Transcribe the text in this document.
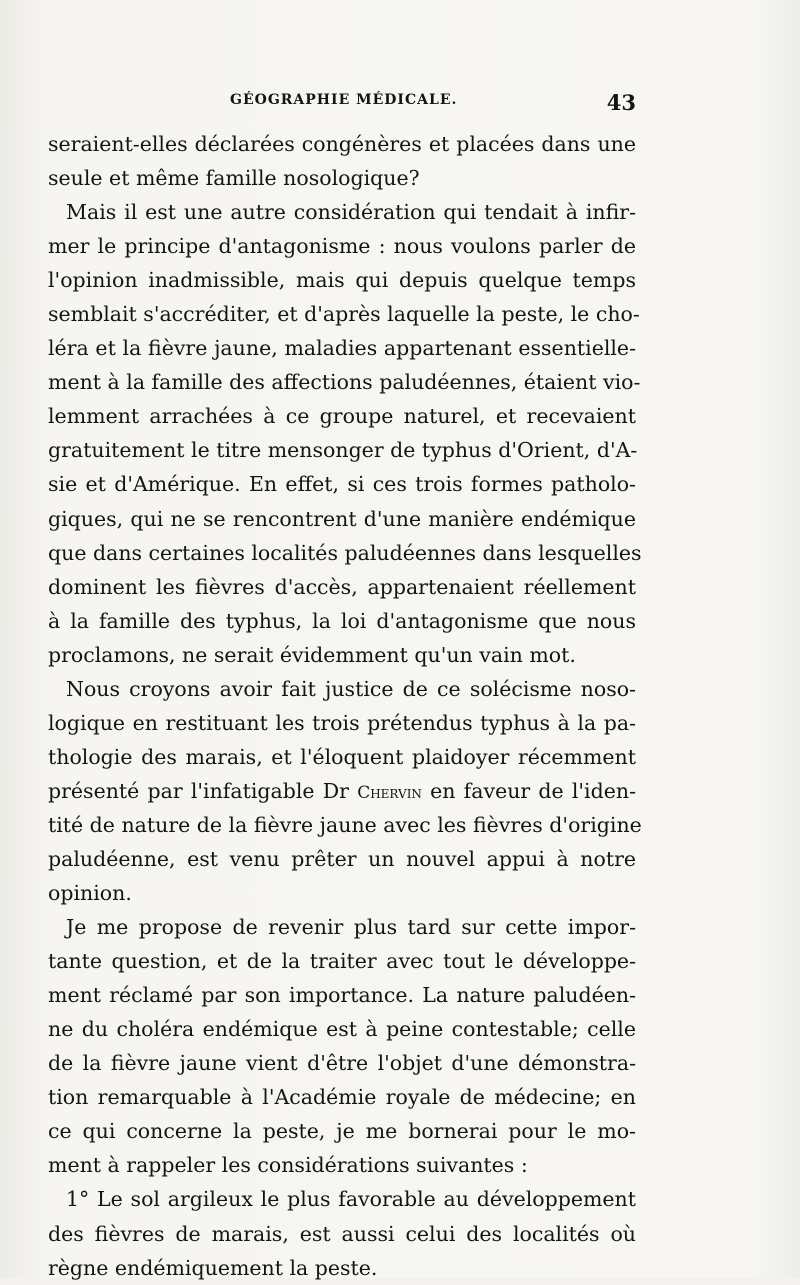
GÉOGRAPHIE MÉDICALE.	43
seraient-elles déclarées congénères et placées dans une
seule et même famille nosologique?
Mais il est une autre considération qui tendait à infir-
mer le principe d'antagonisme : nous voulons parler de
l'opinion inadmissible, mais qui depuis quelque temps
semblait s'accréditer, et d'après laquelle la peste, le cho-
léra et la fièvre jaune, maladies appartenant essentielle-
ment à la famille des affections paludéennes, étaient vio-
lemment arrachées à ce groupe naturel, et recevaient
gratuitement le titre mensonger de typhus d'Orient, d'A-
sie et d'Amérique. En effet, si ces trois formes patholo-
giques, qui ne se rencontrent d'une manière endémique
que dans certaines localités paludéennes dans lesquelles
dominent les fièvres d'accès, appartenaient réellement
à la famille des typhus, la loi d'antagonisme que nous
proclamons, ne serait évidemment qu'un vain mot.
Nous croyons avoir fait justice de ce solécisme noso-
logique en restituant les trois prétendus typhus à la pa-
thologie des marais, et l'éloquent plaidoyer récemment
présenté par l'infatigable Dr Chervin en faveur de l'iden-
tité de nature de la fièvre jaune avec les fièvres d'origine
paludéenne, est venu prêter un nouvel appui à notre
opinion.
Je me propose de revenir plus tard sur cette impor-
tante question, et de la traiter avec tout le développe-
ment réclamé par son importance. La nature paludéen-
ne du choléra endémique est à peine contestable; celle
de la fièvre jaune vient d'être l'objet d'une démonstra-
tion remarquable à l'Académie royale de médecine; en
ce qui concerne la peste, je me bornerai pour le mo-
ment à rappeler les considérations suivantes :
1° Le sol argileux le plus favorable au développement
des fièvres de marais, est aussi celui des localités où
règne endémiquement la peste.
